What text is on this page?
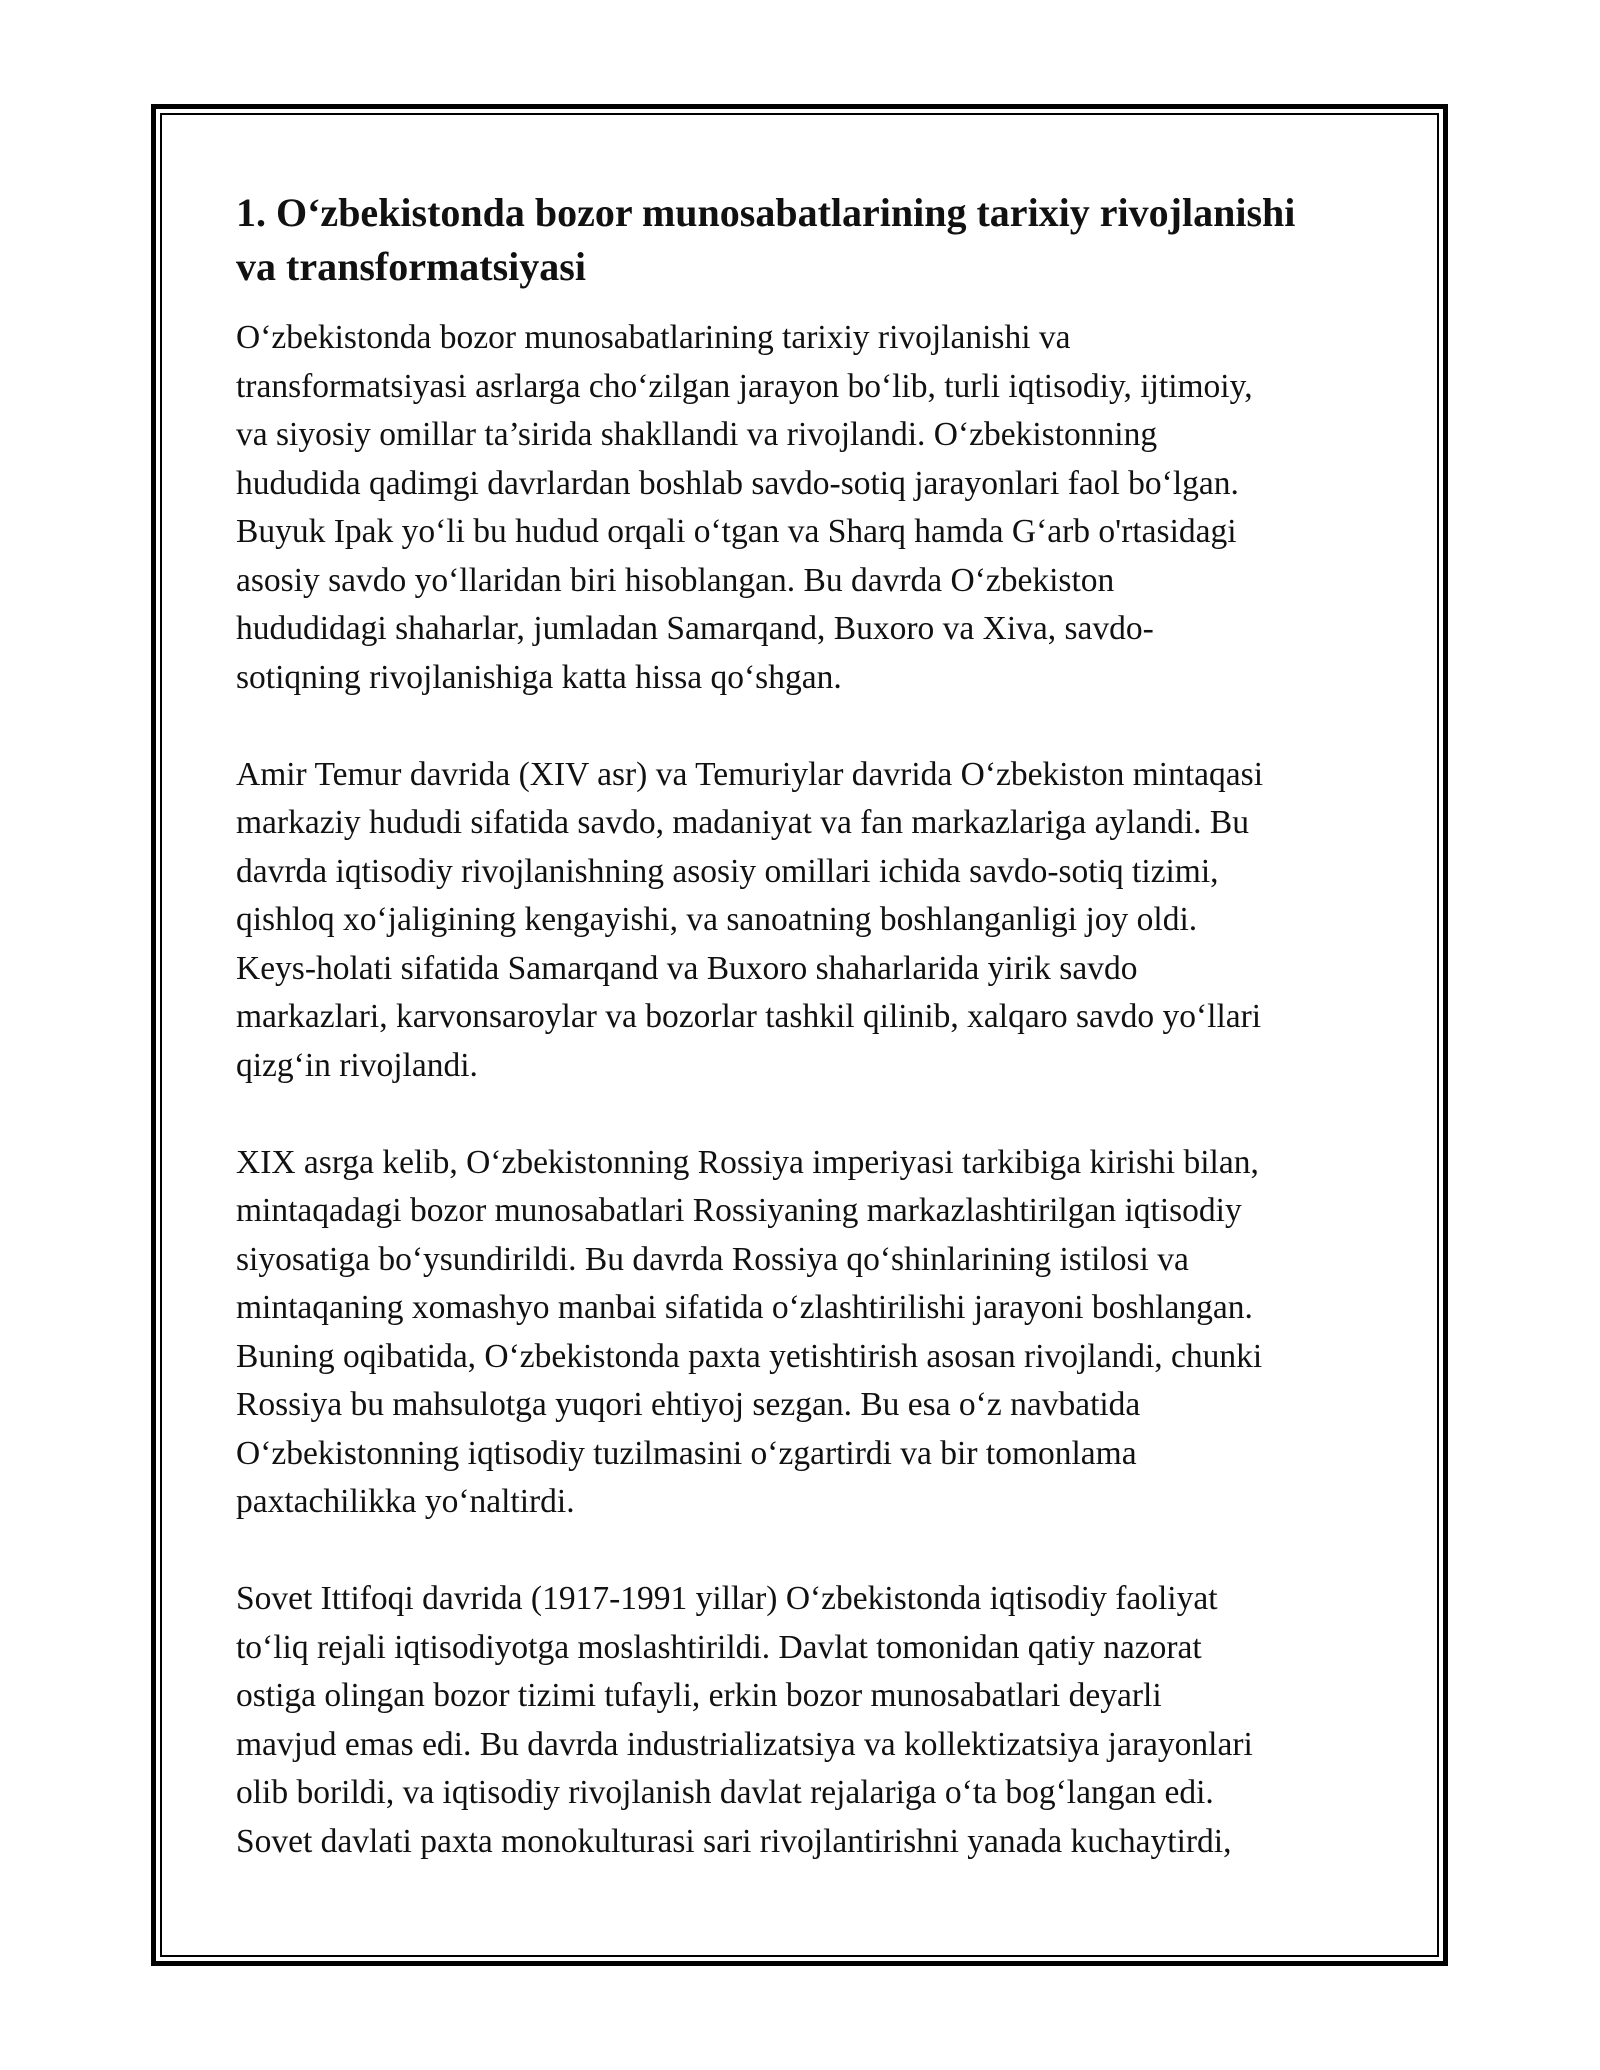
1. O‘zbekistonda bozor munosabatlarining tarixiy rivojlanishi
va transformatsiyasi

O‘zbekistonda bozor munosabatlarining tarixiy rivojlanishi va
transformatsiyasi asrlarga cho‘zilgan jarayon bo‘lib, turli iqtisodiy, ijtimoiy,
va siyosiy omillar ta’sirida shakllandi va rivojlandi. O‘zbekistonning
hududida qadimgi davrlardan boshlab savdo-sotiq jarayonlari faol bo‘lgan.
Buyuk Ipak yo‘li bu hudud orqali o‘tgan va Sharq hamda G‘arb o'rtasidagi
asosiy savdo yo‘llaridan biri hisoblangan. Bu davrda O‘zbekiston
hududidagi shaharlar, jumladan Samarqand, Buxoro va Xiva, savdo-
sotiqning rivojlanishiga katta hissa qo‘shgan.

Amir Temur davrida (XIV asr) va Temuriylar davrida O‘zbekiston mintaqasi
markaziy hududi sifatida savdo, madaniyat va fan markazlariga aylandi. Bu
davrda iqtisodiy rivojlanishning asosiy omillari ichida savdo-sotiq tizimi,
qishloq xo‘jaligining kengayishi, va sanoatning boshlanganligi joy oldi.
Keys-holati sifatida Samarqand va Buxoro shaharlarida yirik savdo
markazlari, karvonsaroylar va bozorlar tashkil qilinib, xalqaro savdo yo‘llari
qizg‘in rivojlandi.

XIX asrga kelib, O‘zbekistonning Rossiya imperiyasi tarkibiga kirishi bilan,
mintaqadagi bozor munosabatlari Rossiyaning markazlashtirilgan iqtisodiy
siyosatiga bo‘ysundirildi. Bu davrda Rossiya qo‘shinlarining istilosi va
mintaqaning xomashyo manbai sifatida o‘zlashtirilishi jarayoni boshlangan.
Buning oqibatida, O‘zbekistonda paxta yetishtirish asosan rivojlandi, chunki
Rossiya bu mahsulotga yuqori ehtiyoj sezgan. Bu esa o‘z navbatida
O‘zbekistonning iqtisodiy tuzilmasini o‘zgartirdi va bir tomonlama
paxtachilikka yo‘naltirdi.

Sovet Ittifoqi davrida (1917-1991 yillar) O‘zbekistonda iqtisodiy faoliyat
to‘liq rejali iqtisodiyotga moslashtirildi. Davlat tomonidan qatiy nazorat
ostiga olingan bozor tizimi tufayli, erkin bozor munosabatlari deyarli
mavjud emas edi. Bu davrda industrializatsiya va kollektizatsiya jarayonlari
olib borildi, va iqtisodiy rivojlanish davlat rejalariga o‘ta bog‘langan edi.
Sovet davlati paxta monokulturasi sari rivojlantirishni yanada kuchaytirdi,
